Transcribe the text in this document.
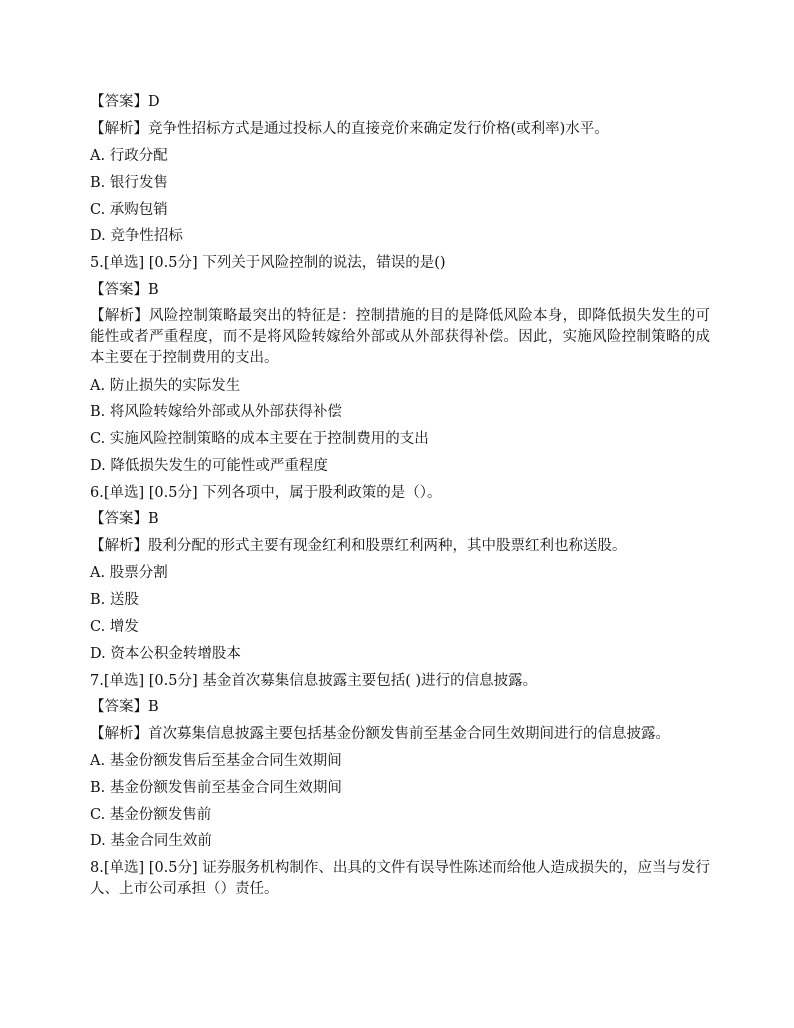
【答案】D
【解析】竞争性招标方式是通过投标人的直接竞价来确定发行价格(或利率)水平。
A. 行政分配
B. 银行发售
C. 承购包销
D. 竞争性招标
5.[单选] [0.5分] 下列关于风险控制的说法，错误的是()
【答案】B
【解析】风险控制策略最突出的特征是：控制措施的目的是降低风险本身，即降低损失发生的可能性或者严重程度，而不是将风险转嫁给外部或从外部获得补偿。因此，实施风险控制策略的成本主要在于控制费用的支出。
A. 防止损失的实际发生
B. 将风险转嫁给外部或从外部获得补偿
C. 实施风险控制策略的成本主要在于控制费用的支出
D. 降低损失发生的可能性或严重程度
6.[单选] [0.5分] 下列各项中，属于股利政策的是（）。
【答案】B
【解析】股利分配的形式主要有现金红利和股票红利两种，其中股票红利也称送股。
A. 股票分割
B. 送股
C. 增发
D. 资本公积金转增股本
7.[单选] [0.5分] 基金首次募集信息披露主要包括( )进行的信息披露。
【答案】B
【解析】首次募集信息披露主要包括基金份额发售前至基金合同生效期间进行的信息披露。
A. 基金份额发售后至基金合同生效期间
B. 基金份额发售前至基金合同生效期间
C. 基金份额发售前
D. 基金合同生效前
8.[单选] [0.5分] 证券服务机构制作、出具的文件有误导性陈述而给他人造成损失的，应当与发行人、上市公司承担（）责任。
